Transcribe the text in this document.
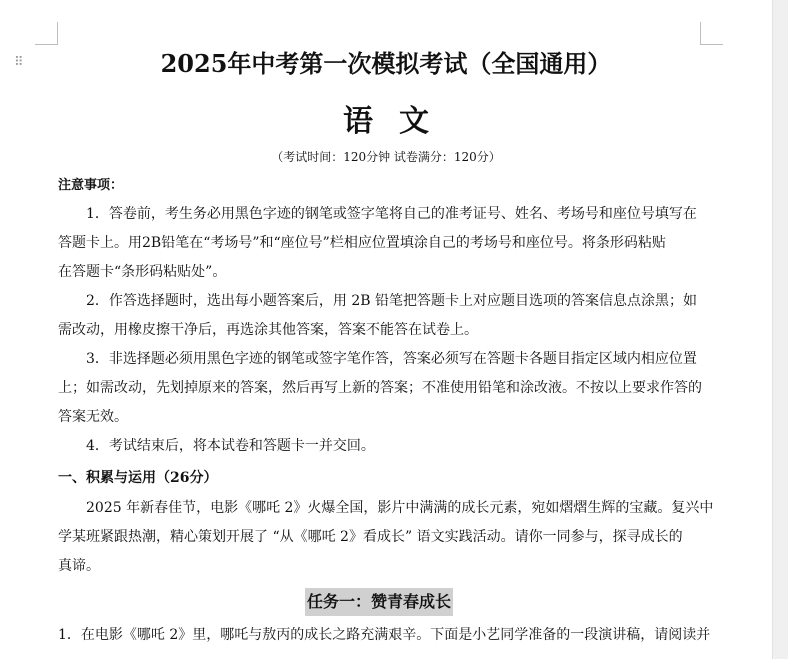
⠿	2025年中考第一次模拟考试（全国通用）
语文
（考试时间：120分钟 试卷满分：120分）
注意事项：
1．答卷前，考生务必用黑色字迹的钢笔或签字笔将自己的准考证号、姓名、考场号和座位号填写在
答题卡上。用2B铅笔在“考场号”和“座位号”栏相应位置填涂自己的考场号和座位号。将条形码粘贴
在答题卡“条形码粘贴处”。
2．作答选择题时，选出每小题答案后，用 2B 铅笔把答题卡上对应题目选项的答案信息点涂黑；如
需改动，用橡皮擦干净后，再选涂其他答案，答案不能答在试卷上。
3．非选择题必须用黑色字迹的钢笔或签字笔作答，答案必须写在答题卡各题目指定区域内相应位置
上；如需改动，先划掉原来的答案，然后再写上新的答案；不准使用铅笔和涂改液。不按以上要求作答的
答案无效。
4．考试结束后，将本试卷和答题卡一并交回。
一、积累与运用（26分）
2025 年新春佳节，电影《哪吒 2》火爆全国，影片中满满的成长元素，宛如熠熠生辉的宝藏。复兴中
学某班紧跟热潮，精心策划开展了 “从《哪吒 2》看成长” 语文实践活动。请你一同参与，探寻成长的
真谛。
任务一：赞青春成长
1．在电影《哪吒 2》里，哪吒与敖丙的成长之路充满艰辛。下面是小艺同学准备的一段演讲稿，请阅读并
